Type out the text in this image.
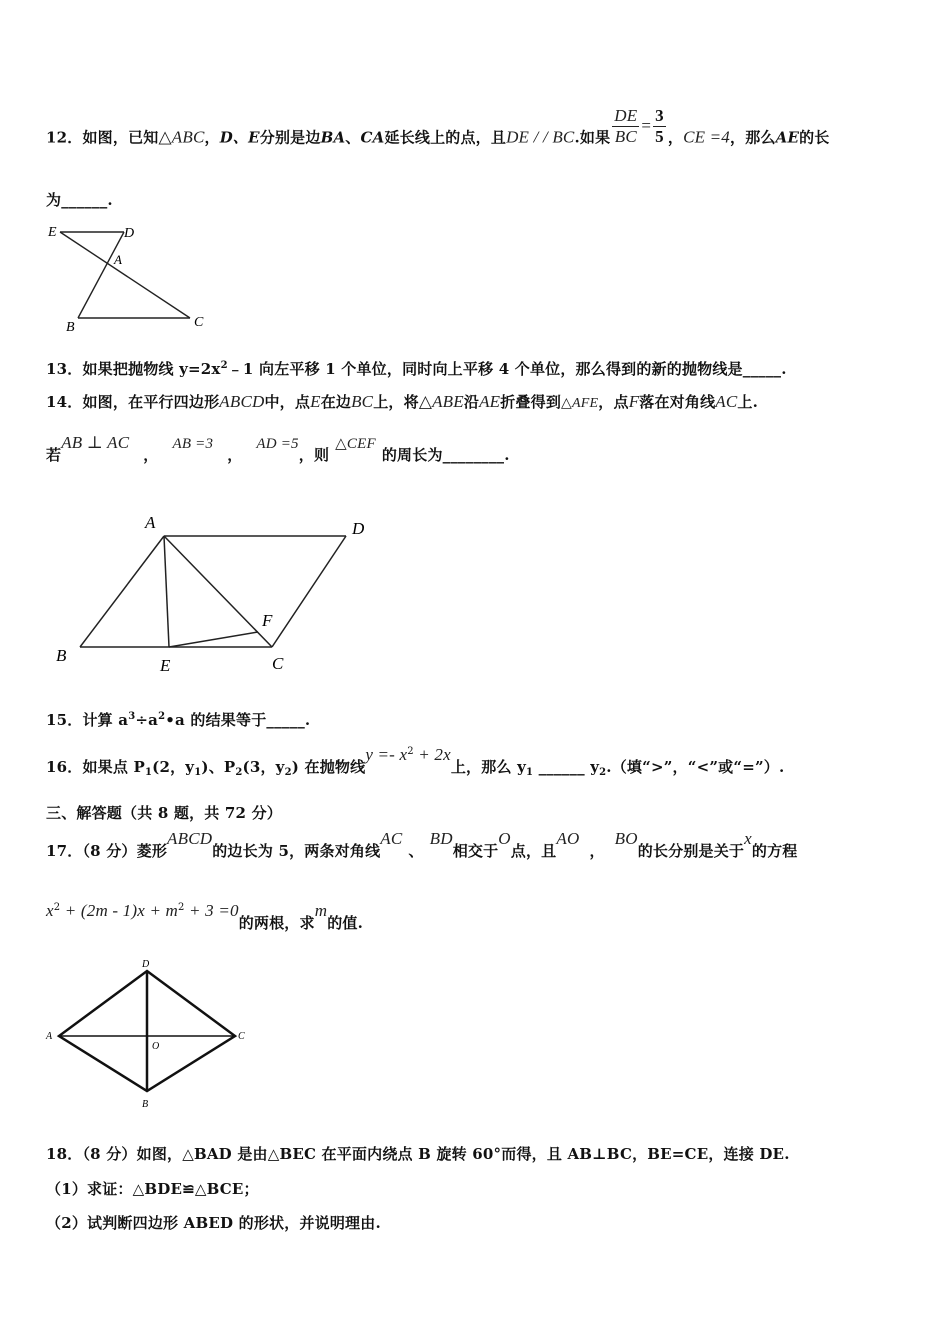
12．如图，已知△ABC，D、E分别是边BA、CA延长线上的点，且DE / / BC.如果 $\frac{DE}{BC} = \frac{3}{5}$ ，CE =4，那么AE的长
为______.
E	D
A
B	C
13．如果把抛物线 $y=2x^2﹣1$ 向左平移 1 个单位，同时向上平移 4 个单位，那么得到的新的抛物线是_____.
14．如图，在平行四边形ABCD中，点E在边BC上，将△ABE沿AE折叠得到△AFE，点F落在对角线AC上.
若AB ⊥ AC，AB =3，AD =5，则△CEF的周长为________.
A	D
F
B
E	C
15．计算 $a^3\div a^2•a$ 的结果等于_____.
16．如果点 $P_1(2$，$y_1$)、$P_2(3$，$y_2$) 在抛物线$y =- x^2 + 2x$上，那么 $y_1$ ______ $y_2$.（填“>”，“<”或“=”）.
三、解答题（共 8 题，共 72 分）
17．（8 分）菱形ABCD的边长为 5，两条对角线AC、BD相交于O点，且AO，BO的长分别是关于x的方程
$x^2 + (2m - 1)x + m^2 + 3 =0$的两根，求m的值.
D
A
O
C
B
18．（8 分）如图，△BAD 是由△BEC 在平面内绕点 B 旋转 60°而得，且 AB⊥BC，BE=CE，连接 DE.
（1）求证：△BDE≌△BCE；
（2）试判断四边形 ABED 的形状，并说明理由.
